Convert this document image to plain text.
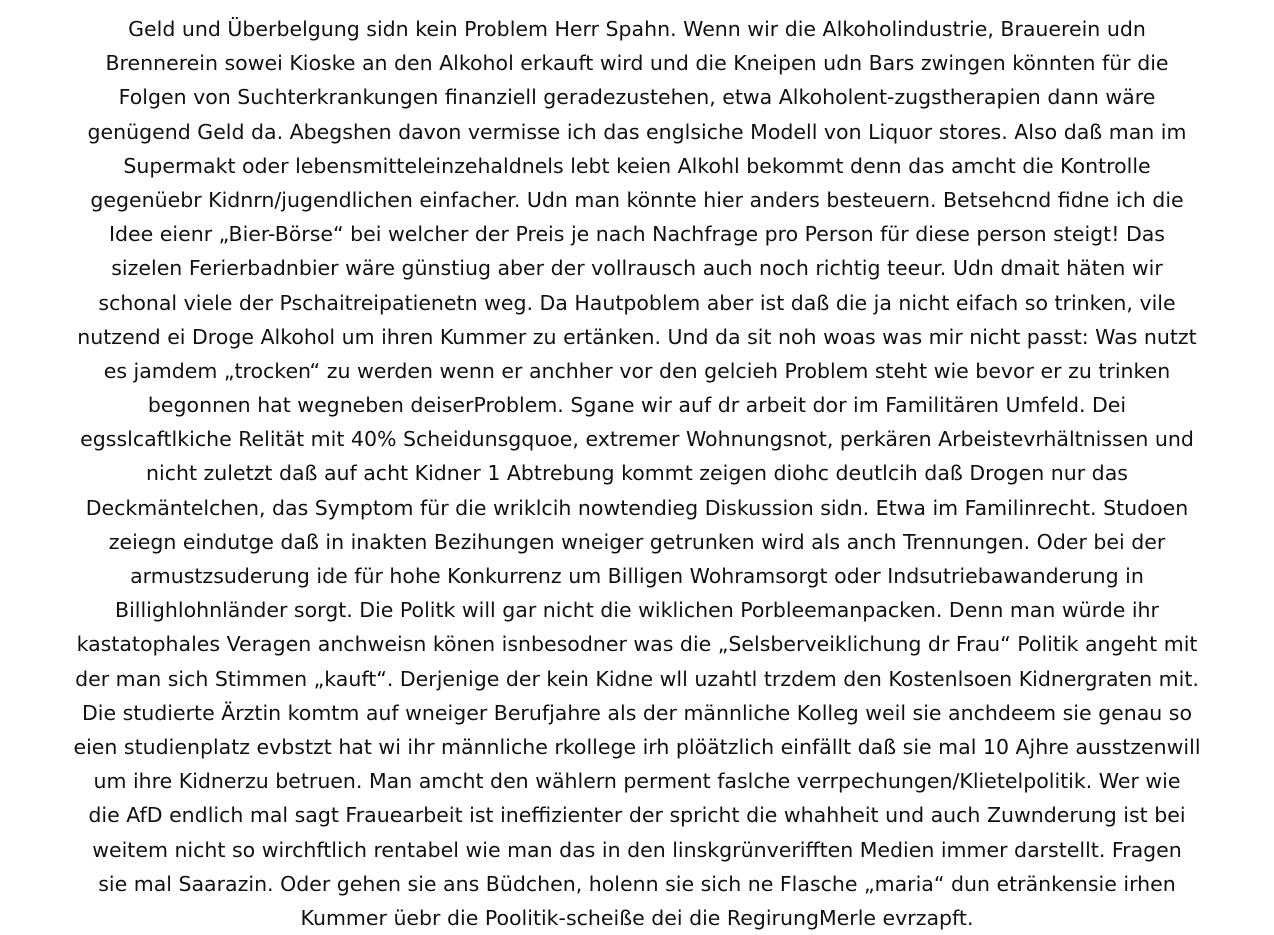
Geld und Überbelgung sidn kein Problem Herr Spahn. Wenn wir die Alkoholindustrie, Brauerein udn
Brennerein sowei Kioske an den Alkohol erkauft wird und die Kneipen udn Bars zwingen könnten für die
Folgen von Suchterkrankungen finanziell geradezustehen, etwa Alkoholent-zugstherapien dann wäre
genügend Geld da. Abegshen davon vermisse ich das englsiche Modell von Liquor stores. Also daß man im
Supermakt oder lebensmitteleinzehaldnels lebt keien Alkohl bekommt denn das amcht die Kontrolle
gegenüebr Kidnrn/jugendlichen einfacher. Udn man könnte hier anders besteuern. Betsehcnd fidne ich die
Idee eienr „Bier-Börse“ bei welcher der Preis je nach Nachfrage pro Person für diese person steigt! Das
sizelen Ferierbadnbier wäre günstiug aber der vollrausch auch noch richtig teeur. Udn dmait häten wir
schonal viele der Pschaitreipatienetn weg. Da Hautpoblem aber ist daß die ja nicht eifach so trinken, vile
nutzend ei Droge Alkohol um ihren Kummer zu ertänken. Und da sit noh woas was mir nicht passt: Was nutzt
es jamdem „trocken“ zu werden wenn er anchher vor den gelcieh Problem steht wie bevor er zu trinken
begonnen hat wegneben deiserProblem. Sgane wir auf dr arbeit dor im Familitären Umfeld. Dei
egsslcaftlkiche Relität mit 40% Scheidunsgquoe, extremer Wohnungsnot, perkären Arbeistevrhältnissen und
nicht zuletzt daß auf acht Kidner 1 Abtrebung kommt zeigen diohc deutlcih daß Drogen nur das
Deckmäntelchen, das Symptom für die wriklcih nowtendieg Diskussion sidn. Etwa im Familinrecht. Studoen
zeiegn eindutge daß in inakten Bezihungen wneiger getrunken wird als anch Trennungen. Oder bei der
armustzsuderung ide für hohe Konkurrenz um Billigen Wohramsorgt oder Indsutriebawanderung in
Billighlohnländer sorgt. Die Politk will gar nicht die wiklichen Porbleemanpacken. Denn man würde ihr
kastatophales Veragen anchweisn könen isnbesodner was die „Selsberveiklichung dr Frau“ Politik angeht mit
der man sich Stimmen „kauft“. Derjenige der kein Kidne wll uzahtl trzdem den Kostenlsoen Kidnergraten mit.
Die studierte Ärztin komtm auf wneiger Berufjahre als der männliche Kolleg weil sie anchdeem sie genau so
eien studienplatz evbstzt hat wi ihr männliche rkollege irh plöätzlich einfällt daß sie mal 10 Ajhre ausstzenwill
um ihre Kidnerzu betruen. Man amcht den wählern perment faslche verrpechungen/Klietelpolitik. Wer wie
die AfD endlich mal sagt Frauearbeit ist ineffizienter der spricht die whahheit und auch Zuwnderung ist bei
weitem nicht so wirchftlich rentabel wie man das in den linskgrünverifften Medien immer darstellt. Fragen
sie mal Saarazin. Oder gehen sie ans Büdchen, holenn sie sich ne Flasche „maria“ dun etränkensie irhen
Kummer üebr die Poolitik-scheiße dei die RegirungMerle evrzapft.
